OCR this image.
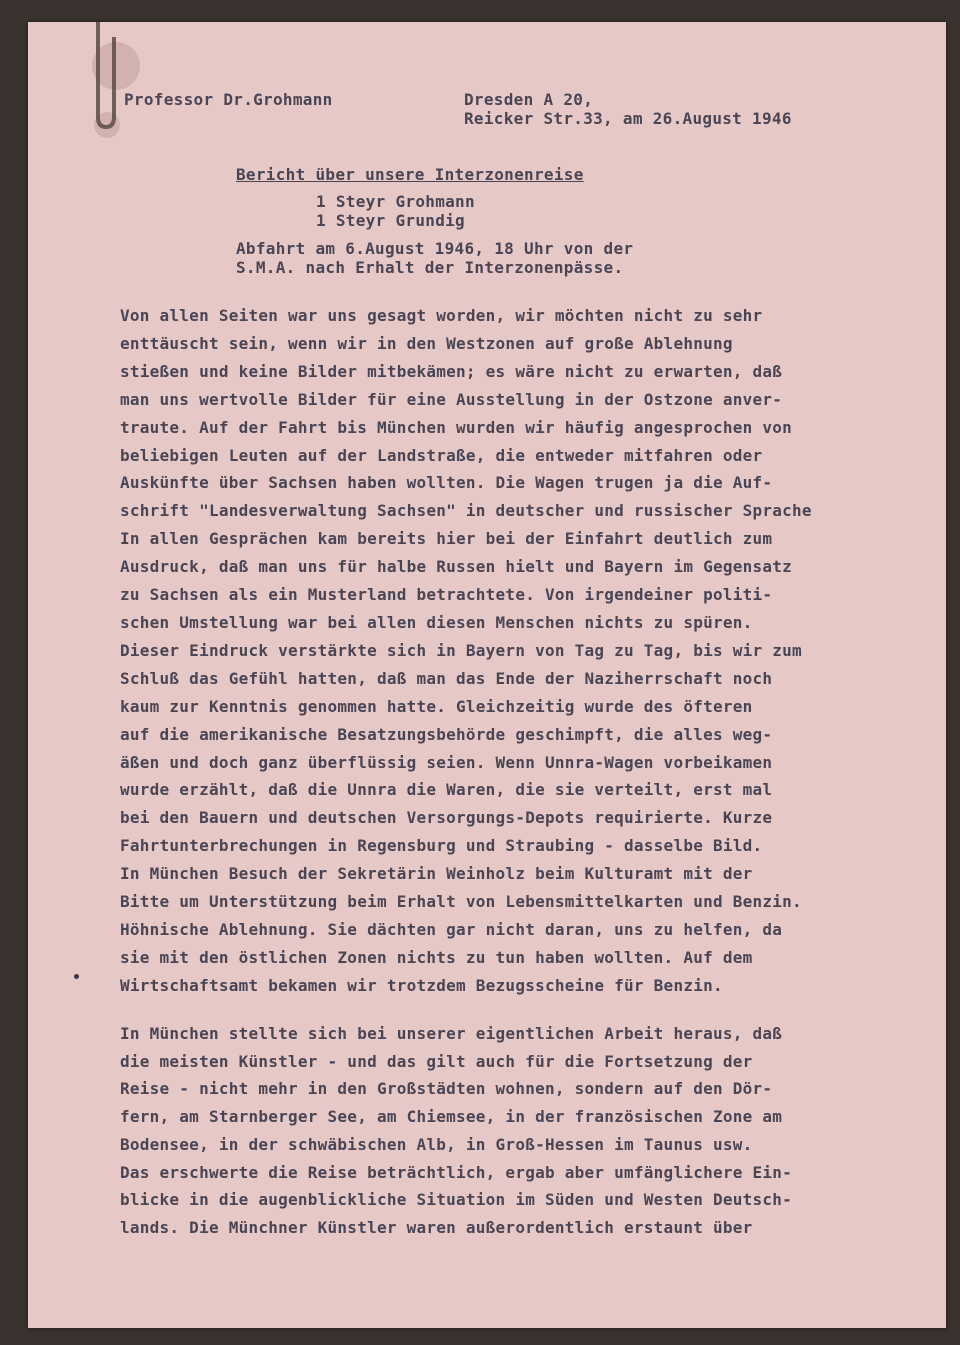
Professor Dr.Grohmann	Dresden A 20,
Reicker Str.33, am 26.August 1946
Bericht über unsere Interzonenreise
1 Steyr Grohmann
1 Steyr Grundig
Abfahrt am 6.August 1946, 18 Uhr von der
S.M.A. nach Erhalt der Interzonenpässe.
Von allen Seiten war uns gesagt worden, wir möchten nicht zu sehr
enttäuscht sein, wenn wir in den Westzonen auf große Ablehnung
stießen und keine Bilder mitbekämen; es wäre nicht zu erwarten, daß
man uns wertvolle Bilder für eine Ausstellung in der Ostzone anver-
traute. Auf der Fahrt bis München wurden wir häufig angesprochen von
beliebigen Leuten auf der Landstraße, die entweder mitfahren oder
Auskünfte über Sachsen haben wollten. Die Wagen trugen ja die Auf-
schrift "Landesverwaltung Sachsen" in deutscher und russischer Sprache
In allen Gesprächen kam bereits hier bei der Einfahrt deutlich zum
Ausdruck, daß man uns für halbe Russen hielt und Bayern im Gegensatz
zu Sachsen als ein Musterland betrachtete. Von irgendeiner politi-
schen Umstellung war bei allen diesen Menschen nichts zu spüren.
Dieser Eindruck verstärkte sich in Bayern von Tag zu Tag, bis wir zum
Schluß das Gefühl hatten, daß man das Ende der Naziherrschaft noch
kaum zur Kenntnis genommen hatte. Gleichzeitig wurde des öfteren
auf die amerikanische Besatzungsbehörde geschimpft, die alles weg-
äßen und doch ganz überflüssig seien. Wenn Unnra-Wagen vorbeikamen
wurde erzählt, daß die Unnra die Waren, die sie verteilt, erst mal
bei den Bauern und deutschen Versorgungs-Depots requirierte. Kurze
Fahrtunterbrechungen in Regensburg und Straubing - dasselbe Bild.
In München Besuch der Sekretärin Weinholz beim Kulturamt mit der
Bitte um Unterstützung beim Erhalt von Lebensmittelkarten und Benzin.
Höhnische Ablehnung. Sie dächten gar nicht daran, uns zu helfen, da
sie mit den östlichen Zonen nichts zu tun haben wollten. Auf dem
Wirtschaftsamt bekamen wir trotzdem Bezugsscheine für Benzin.
In München stellte sich bei unserer eigentlichen Arbeit heraus, daß
die meisten Künstler - und das gilt auch für die Fortsetzung der
Reise - nicht mehr in den Großstädten wohnen, sondern auf den Dör-
fern, am Starnberger See, am Chiemsee, in der französischen Zone am
Bodensee, in der schwäbischen Alb, in Groß-Hessen im Taunus usw.
Das erschwerte die Reise beträchtlich, ergab aber umfänglichere Ein-
blicke in die augenblickliche Situation im Süden und Westen Deutsch-
lands. Die Münchner Künstler waren außerordentlich erstaunt über
